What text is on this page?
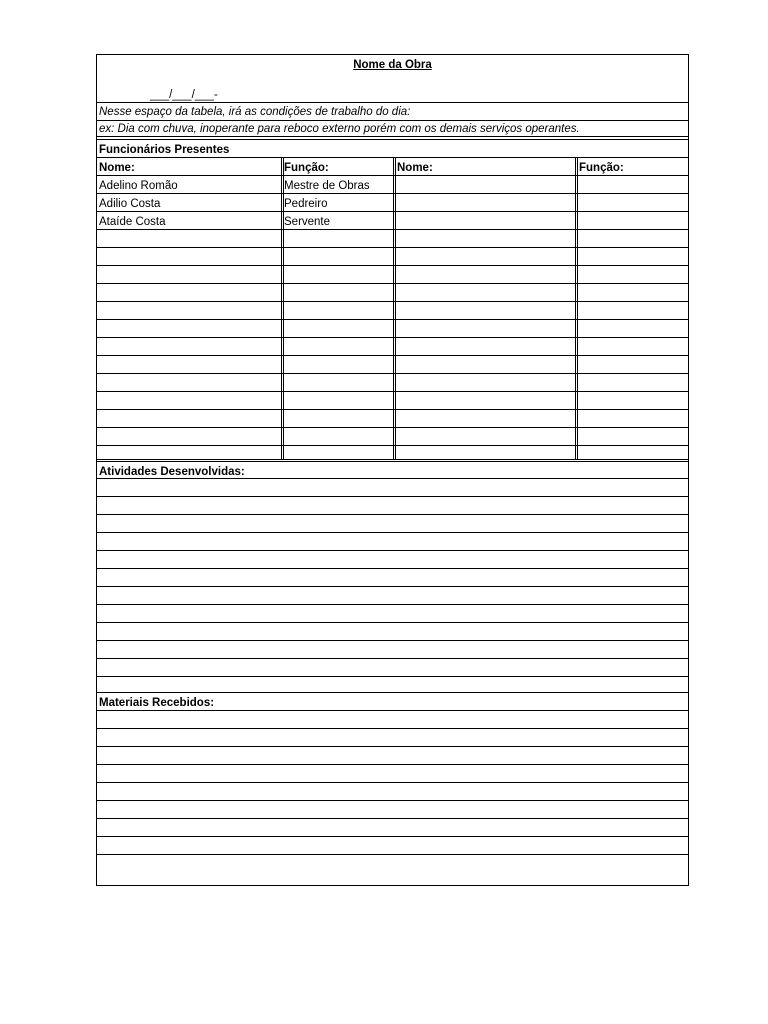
Nome da Obra
___/___/___-
Nesse espaço da tabela, irá as condições de trabalho do dia:
ex: Dia com chuva, inoperante para reboco externo porém com os demais serviços operantes.
Funcionários Presentes
Nome:	Função:	Nome:	Função:
Adelino Romão	Mestre de Obras
Adilio Costa	Pedreiro
Ataíde Costa	Servente
Atividades Desenvolvidas:
Materiais Recebidos:
